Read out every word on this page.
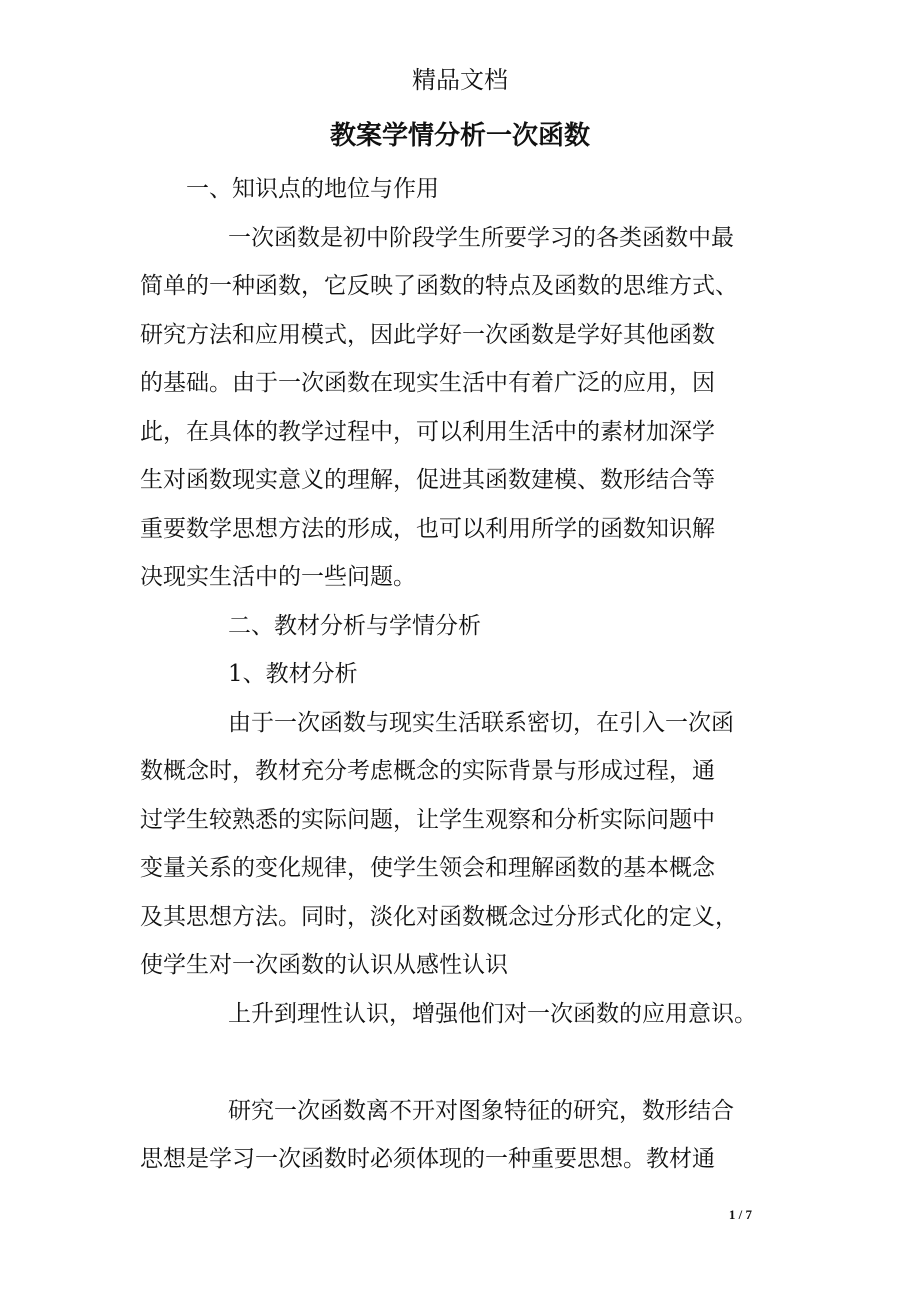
精品文档
教案学情分析一次函数
一、知识点的地位与作用
一次函数是初中阶段学生所要学习的各类函数中最
简单的一种函数，它反映了函数的特点及函数的思维方式、
研究方法和应用模式，因此学好一次函数是学好其他函数
的基础。由于一次函数在现实生活中有着广泛的应用，因
此，在具体的教学过程中，可以利用生活中的素材加深学
生对函数现实意义的理解，促进其函数建模、数形结合等
重要数学思想方法的形成，也可以利用所学的函数知识解
决现实生活中的一些问题。
二、教材分析与学情分析
1、教材分析
由于一次函数与现实生活联系密切，在引入一次函
数概念时，教材充分考虑概念的实际背景与形成过程，通
过学生较熟悉的实际问题，让学生观察和分析实际问题中
变量关系的变化规律，使学生领会和理解函数的基本概念
及其思想方法。同时，淡化对函数概念过分形式化的定义，
使学生对一次函数的认识从感性认识
上升到理性认识，增强他们对一次函数的应用意识。
研究一次函数离不开对图象特征的研究，数形结合
思想是学习一次函数时必须体现的一种重要思想。教材通
1 / 7
